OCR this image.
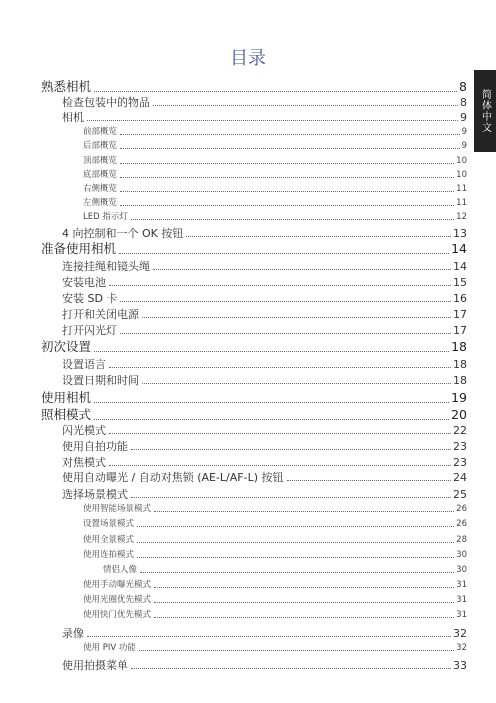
目录
简体中文
熟悉相机	8
检查包装中的物品	8
相机	9
前部概览	9
后部概览	9
顶部概览	10
底部概览	10
右侧概览	11
左侧概览	11
LED 指示灯	12
4 向控制和一个 OK 按钮	13
准备使用相机	14
连接挂绳和镜头绳	14
安装电池	15
安装 SD 卡	16
打开和关闭电源	17
打开闪光灯	17
初次设置	18
设置语言	18
设置日期和时间	18
使用相机	19
照相模式	20
闪光模式	22
使用自拍功能	23
对焦模式	23
使用自动曝光 / 自动对焦锁 (AE-L/AF-L) 按钮	24
选择场景模式	25
使用智能场景模式	26
设置场景模式	26
使用全景模式	28
使用连拍模式	30
情侣人像	30
使用手动曝光模式	31
使用光圈优先模式	31
使用快门优先模式	31
录像	32
使用 PIV 功能	32
使用拍摄菜单	33
